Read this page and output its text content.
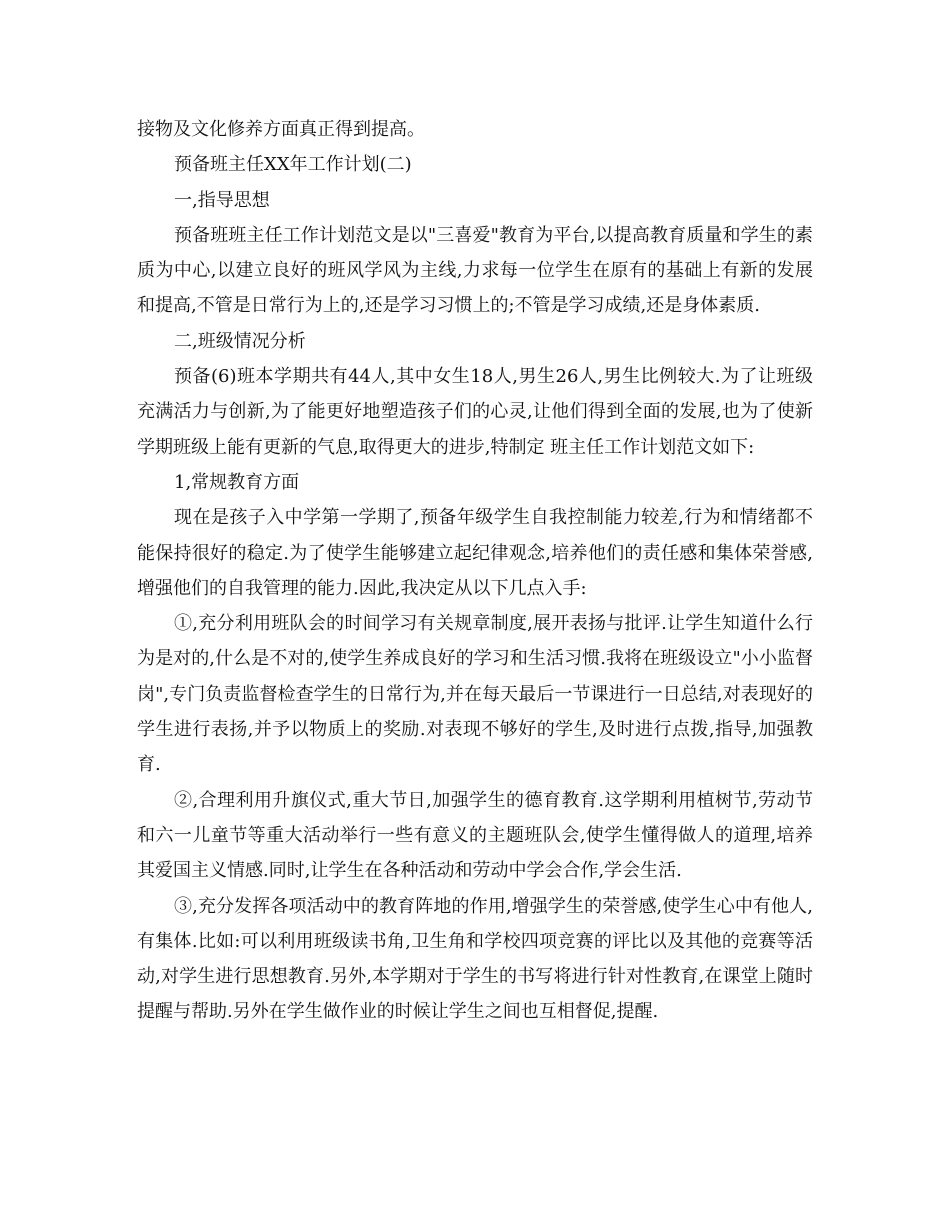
接物及文化修养方面真正得到提高。

预备班主任XX年工作计划(二)

一,指导思想

预备班班主任工作计划范文是以"三喜爱"教育为平台,以提高教育质量和学生的素质为中心,以建立良好的班风学风为主线,力求每一位学生在原有的基础上有新的发展和提高,不管是日常行为上的,还是学习习惯上的;不管是学习成绩,还是身体素质.

二,班级情况分析

预备(6)班本学期共有44人,其中女生18人,男生26人,男生比例较大.为了让班级充满活力与创新,为了能更好地塑造孩子们的心灵,让他们得到全面的发展,也为了使新学期班级上能有更新的气息,取得更大的进步,特制定 班主任工作计划范文如下:

1,常规教育方面

现在是孩子入中学第一学期了,预备年级学生自我控制能力较差,行为和情绪都不能保持很好的稳定.为了使学生能够建立起纪律观念,培养他们的责任感和集体荣誉感,增强他们的自我管理的能力.因此,我决定从以下几点入手:

①,充分利用班队会的时间学习有关规章制度,展开表扬与批评.让学生知道什么行为是对的,什么是不对的,使学生养成良好的学习和生活习惯.我将在班级设立"小小监督岗",专门负责监督检查学生的日常行为,并在每天最后一节课进行一日总结,对表现好的学生进行表扬,并予以物质上的奖励.对表现不够好的学生,及时进行点拨,指导,加强教育.

②,合理利用升旗仪式,重大节日,加强学生的德育教育.这学期利用植树节,劳动节和六一儿童节等重大活动举行一些有意义的主题班队会,使学生懂得做人的道理,培养其爱国主义情感.同时,让学生在各种活动和劳动中学会合作,学会生活.

③,充分发挥各项活动中的教育阵地的作用,增强学生的荣誉感,使学生心中有他人,有集体.比如:可以利用班级读书角,卫生角和学校四项竞赛的评比以及其他的竞赛等活动,对学生进行思想教育.另外,本学期对于学生的书写将进行针对性教育,在课堂上随时提醒与帮助.另外在学生做作业的时候让学生之间也互相督促,提醒.
